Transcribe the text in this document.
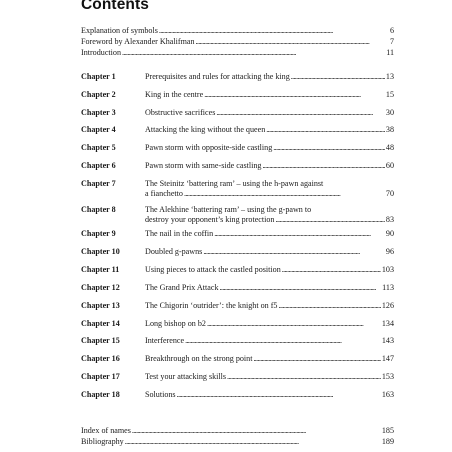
Contents
Explanation of symbols . . .	6
Foreword by Alexander Khalifman . . .	7
Introduction . . .	11
Chapter 1	Prerequisites and rules for attacking the king . . .	13
Chapter 2	King in the centre . . .	15
Chapter 3	Obstructive sacrifices . . .	30
Chapter 4	Attacking the king without the queen . . .	38
Chapter 5	Pawn storm with opposite-side castling . . .	48
Chapter 6	Pawn storm with same-side castling . . .	60
Chapter 7	The Steinitz ‘battering ram’ – using the h-pawn against
a fianchetto . . .	70
Chapter 8	The Alekhine ‘battering ram’ – using the g-pawn to
destroy your opponent’s king protection . . .	83
Chapter 9	The nail in the coffin . . .	90
Chapter 10	Doubled g-pawns . . .	96
Chapter 11	Using pieces to attack the castled position . . .	103
Chapter 12	The Grand Prix Attack . . .	113
Chapter 13	The Chigorin ‘outrider’: the knight on f5 . . .	126
Chapter 14	Long bishop on b2 . . .	134
Chapter 15	Interference . . .	143
Chapter 16	Breakthrough on the strong point . . .	147
Chapter 17	Test your attacking skills . . .	153
Chapter 18	Solutions . . .	163
Index of names . . .	185
Bibliography . . .	189
